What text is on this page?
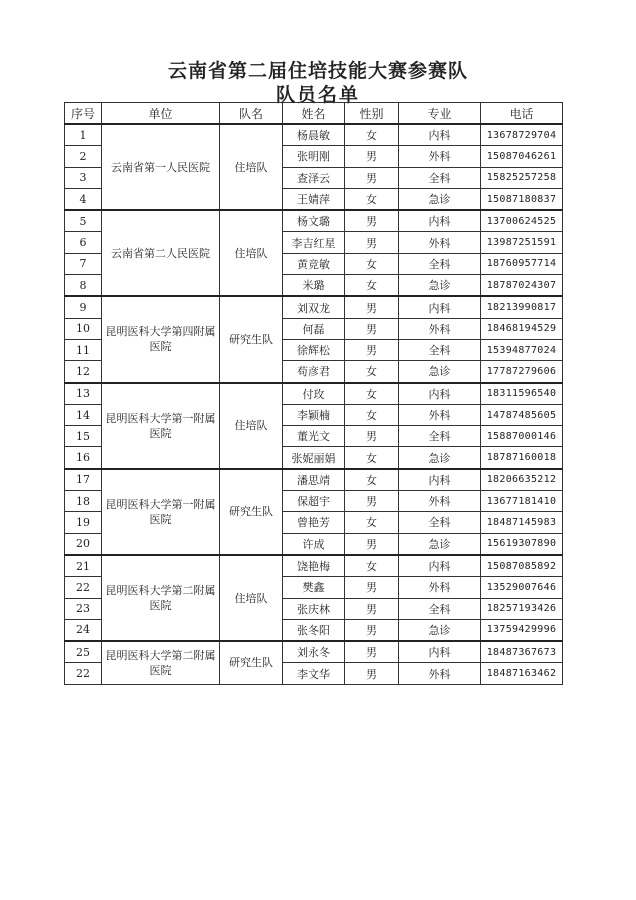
云南省第二届住培技能大赛参赛队
队员名单
序号	单位	队名	姓名	性别	专业	电话
1	云南省第一人民医院	住培队	杨晨敏	女	内科	13678729704
2			张明刚	男	外科	15087046261
3			查泽云	男	全科	15825257258
4			王婧萍	女	急诊	15087180837
5	云南省第二人民医院	住培队	杨文璐	男	内科	13700624525
6			李吉红星	男	外科	13987251591
7			黄竞敏	女	全科	18760957714
8			米璐	女	急诊	18787024307
9	昆明医科大学第四附属医院	研究生队	刘双龙	男	内科	18213990817
10			何磊	男	外科	18468194529
11			徐辉松	男	全科	15394877024
12			苟彦君	女	急诊	17787279606
13	昆明医科大学第一附属医院	住培队	付玫	女	内科	18311596540
14			李颖楠	女	外科	14787485605
15			董光文	男	全科	15887000146
16			张妮丽娟	女	急诊	18787160018
17	昆明医科大学第一附属医院	研究生队	潘思靖	女	内科	18206635212
18			保超宇	男	外科	13677181410
19			曾艳芳	女	全科	18487145983
20			许成	男	急诊	15619307890
21	昆明医科大学第二附属医院	住培队	饶艳梅	女	内科	15087085892
22			樊鑫	男	外科	13529007646
23			张庆林	男	全科	18257193426
24			张冬阳	男	急诊	13759429996
25	昆明医科大学第二附属医院	研究生队	刘永冬	男	内科	18487367673
22			李文华	男	外科	18487163462
